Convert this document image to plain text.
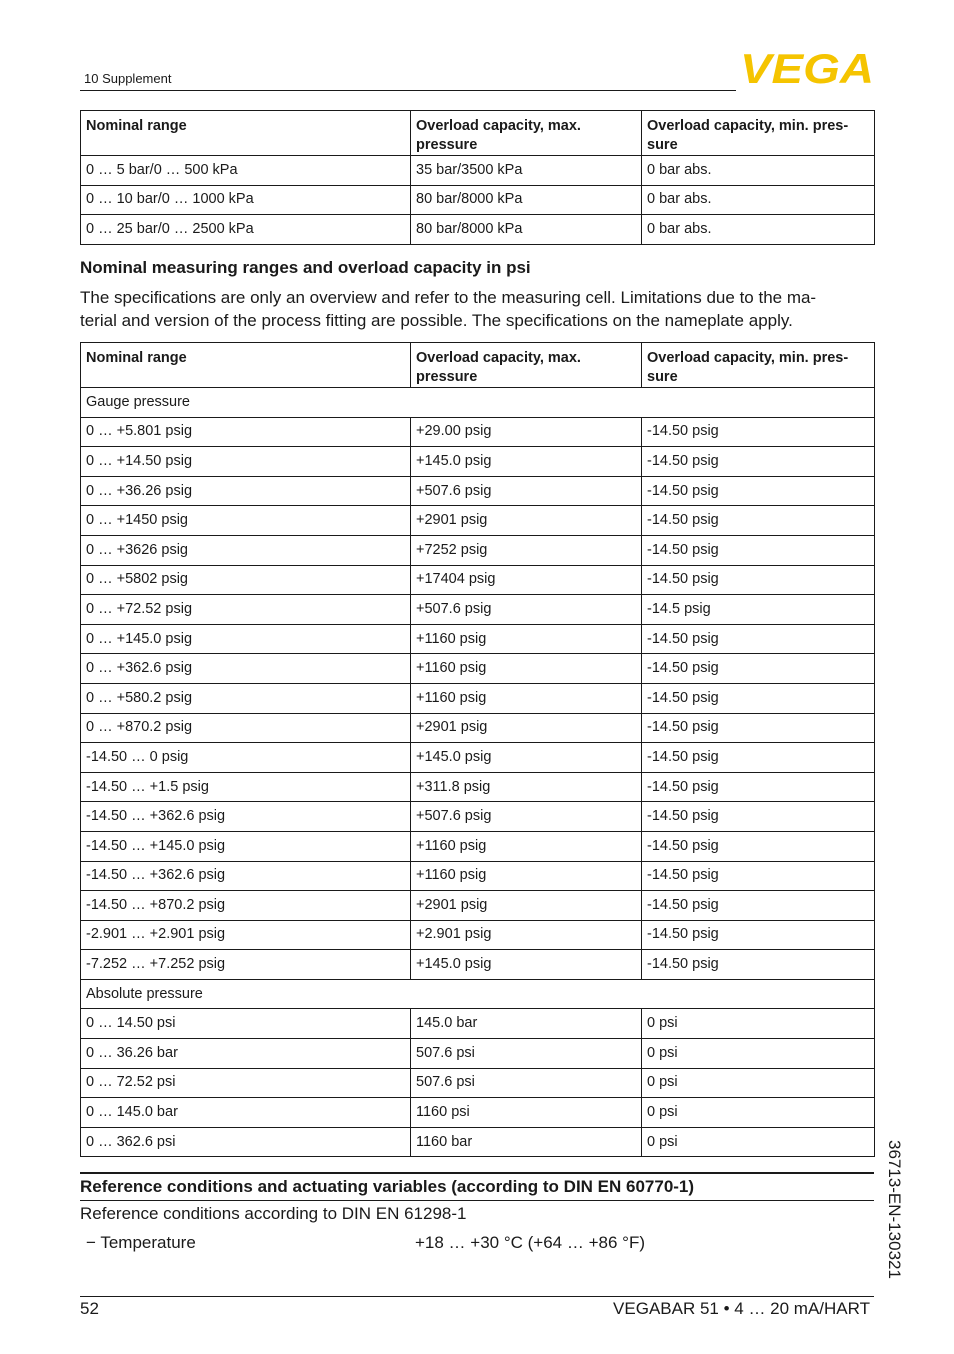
10 Supplement	VEGA
Nominal range	Overload capacity, max. pressure	Overload capacity, min. pres-sure
0 … 5 bar/0 … 500 kPa	35 bar/3500 kPa	0 bar abs.
0 … 10 bar/0 … 1000 kPa	80 bar/8000 kPa	0 bar abs.
0 … 25 bar/0 … 2500 kPa	80 bar/8000 kPa	0 bar abs.
Nominal measuring ranges and overload capacity in psi
The specifications are only an overview and refer to the measuring cell. Limitations due to the ma-
terial and version of the process fitting are possible. The specifications on the nameplate apply.
Nominal range	Overload capacity, max. pressure	Overload capacity, min. pres-sure
Gauge pressure		
0 … +5.801 psig	+29.00 psig	-14.50 psig
0 … +14.50 psig	+145.0 psig	-14.50 psig
0 … +36.26 psig	+507.6 psig	-14.50 psig
0 … +1450 psig	+2901 psig	-14.50 psig
0 … +3626 psig	+7252 psig	-14.50 psig
0 … +5802 psig	+17404 psig	-14.50 psig
0 … +72.52 psig	+507.6 psig	-14.5 psig
0 … +145.0 psig	+1160 psig	-14.50 psig
0 … +362.6 psig	+1160 psig	-14.50 psig
0 … +580.2 psig	+1160 psig	-14.50 psig
0 … +870.2 psig	+2901 psig	-14.50 psig
-14.50 … 0 psig	+145.0 psig	-14.50 psig
-14.50 … +1.5 psig	+311.8 psig	-14.50 psig
-14.50 … +362.6 psig	+507.6 psig	-14.50 psig
-14.50 … +145.0 psig	+1160 psig	-14.50 psig
-14.50 … +362.6 psig	+1160 psig	-14.50 psig
-14.50 … +870.2 psig	+2901 psig	-14.50 psig
-2.901 … +2.901 psig	+2.901 psig	-14.50 psig
-7.252 … +7.252 psig	+145.0 psig	-14.50 psig
Absolute pressure		
0 … 14.50 psi	145.0 bar	0 psi
0 … 36.26 bar	507.6 psi	0 psi
0 … 72.52 psi	507.6 psi	0 psi
0 … 145.0 bar	1160 psi	0 psi
0 … 362.6 psi	1160 bar	0 psi
Reference conditions and actuating variables (according to DIN EN 60770-1)
Reference conditions according to DIN EN 61298-1
− Temperature	+18 … +30 °C (+64 … +86 °F)
52	VEGABAR 51 • 4 … 20 mA/HART
36713-EN-130321
